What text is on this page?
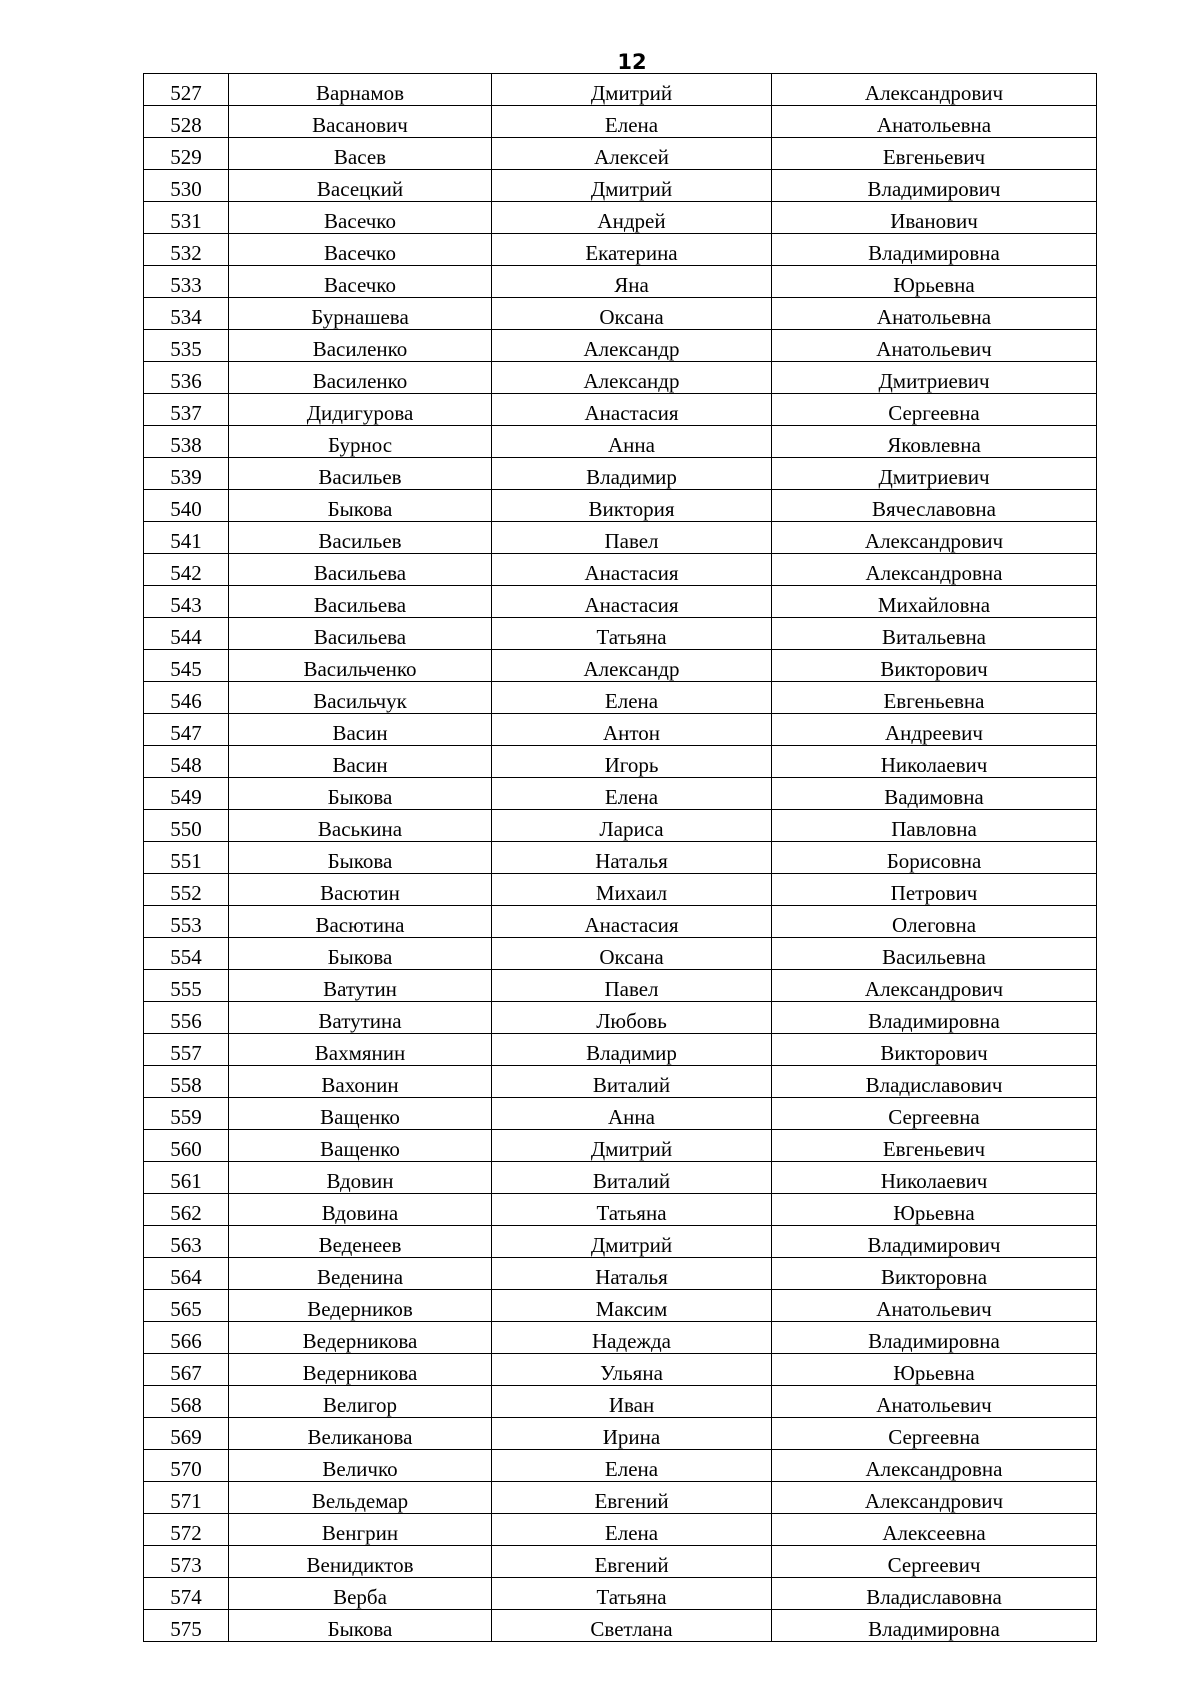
12
527	Варнамов	Дмитрий	Александрович
528	Васанович	Елена	Анатольевна
529	Васев	Алексей	Евгеньевич
530	Васецкий	Дмитрий	Владимирович
531	Васечко	Андрей	Иванович
532	Васечко	Екатерина	Владимировна
533	Васечко	Яна	Юрьевна
534	Бурнашева	Оксана	Анатольевна
535	Василенко	Александр	Анатольевич
536	Василенко	Александр	Дмитриевич
537	Дидигурова	Анастасия	Сергеевна
538	Бурнос	Анна	Яковлевна
539	Васильев	Владимир	Дмитриевич
540	Быкова	Виктория	Вячеславовна
541	Васильев	Павел	Александрович
542	Васильева	Анастасия	Александровна
543	Васильева	Анастасия	Михайловна
544	Васильева	Татьяна	Витальевна
545	Васильченко	Александр	Викторович
546	Васильчук	Елена	Евгеньевна
547	Васин	Антон	Андреевич
548	Васин	Игорь	Николаевич
549	Быкова	Елена	Вадимовна
550	Васькина	Лариса	Павловна
551	Быкова	Наталья	Борисовна
552	Васютин	Михаил	Петрович
553	Васютина	Анастасия	Олеговна
554	Быкова	Оксана	Васильевна
555	Ватутин	Павел	Александрович
556	Ватутина	Любовь	Владимировна
557	Вахмянин	Владимир	Викторович
558	Вахонин	Виталий	Владиславович
559	Ващенко	Анна	Сергеевна
560	Ващенко	Дмитрий	Евгеньевич
561	Вдовин	Виталий	Николаевич
562	Вдовина	Татьяна	Юрьевна
563	Веденеев	Дмитрий	Владимирович
564	Веденина	Наталья	Викторовна
565	Ведерников	Максим	Анатольевич
566	Ведерникова	Надежда	Владимировна
567	Ведерникова	Ульяна	Юрьевна
568	Велигор	Иван	Анатольевич
569	Великанова	Ирина	Сергеевна
570	Величко	Елена	Александровна
571	Вельдемар	Евгений	Александрович
572	Венгрин	Елена	Алексеевна
573	Венидиктов	Евгений	Сергеевич
574	Верба	Татьяна	Владиславовна
575	Быкова	Светлана	Владимировна
